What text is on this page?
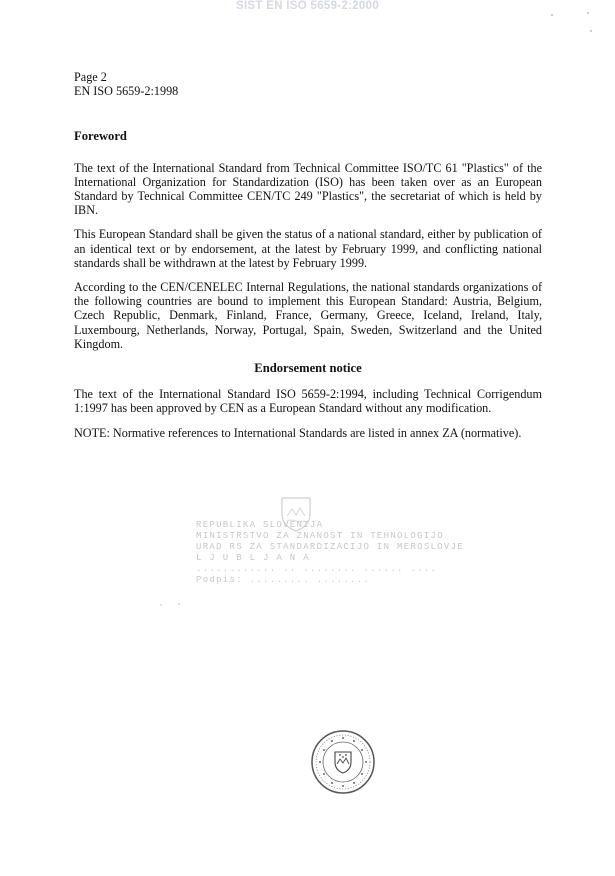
SIST EN ISO 5659-2:2000
Page 2
EN ISO 5659-2:1998
Foreword

The text of the International Standard from Technical Committee ISO/TC 61 "Plastics" of the International Organization for Standardization (ISO) has been taken over as an European Standard by Technical Committee CEN/TC 249 "Plastics", the secretariat of which is held by IBN.

This European Standard shall be given the status of a national standard, either by publication of an identical text or by endorsement, at the latest by February 1999, and conflicting national standards shall be withdrawn at the latest by February 1999.

According to the CEN/CENELEC Internal Regulations, the national standards organizations of the following countries are bound to implement this European Standard: Austria, Belgium, Czech Republic, Denmark, Finland, France, Germany, Greece, Iceland, Ireland, Italy, Luxembourg, Netherlands, Norway, Portugal, Spain, Sweden, Switzerland and the United Kingdom.

Endorsement notice

The text of the International Standard ISO 5659-2:1994, including Technical Corrigendum 1:1997 has been approved by CEN as a European Standard without any modification.

NOTE: Normative references to International Standards are listed in annex ZA (normative).

REPUBLIKA SLOVENIJA
MINISTRSTVO ZA ZNANOST IN TEHNOLOGIJO
URAD RS ZA STANDARDIZACIJO IN MEROSLOVJE
L J U B L J A N A
............ .. ........ ...... ....
Podpis: ......... ........
